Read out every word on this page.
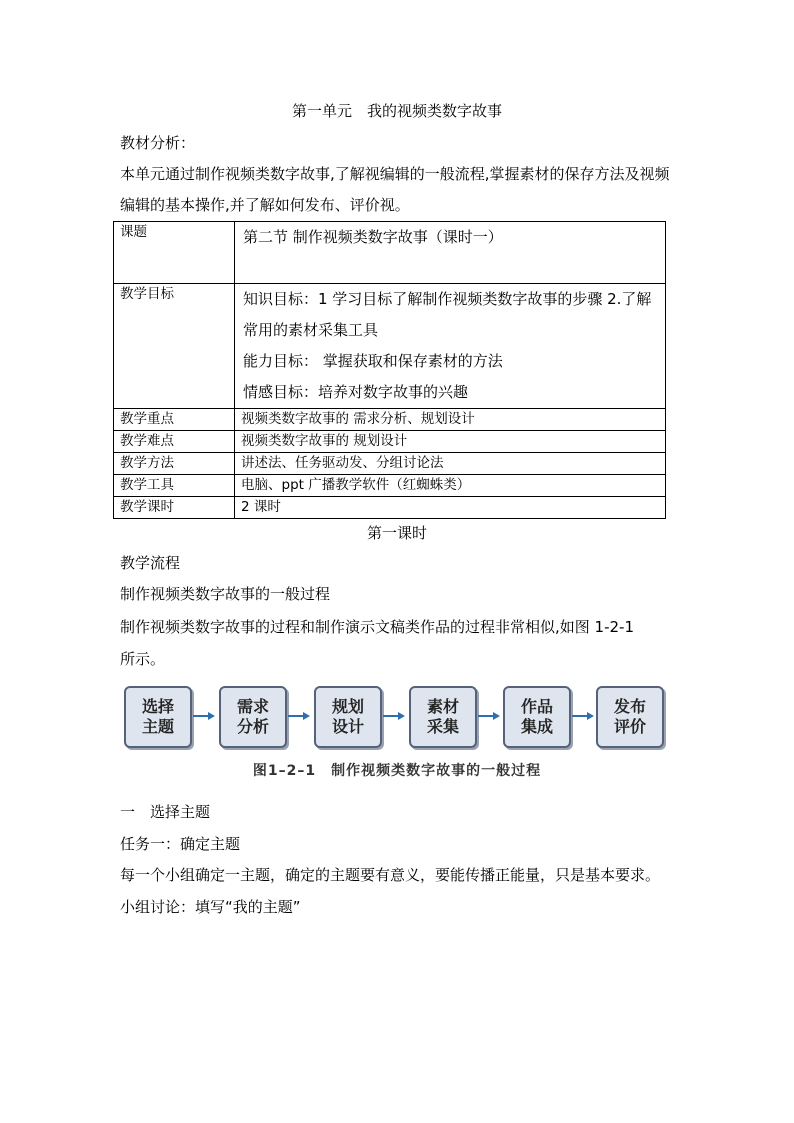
第一单元　我的视频类数字故事
教材分析：
本单元通过制作视频类数字故事,了解视编辑的一般流程,掌握素材的保存方法及视频编辑的基本操作,并了解如何发布、评价视。
课题	第二节 制作视频类数字故事（课时一）

教学目标	知识目标：1 学习目标了解制作视频类数字故事的步骤 2.了解常用的素材采集工具
能力目标： 掌握获取和保存素材的方法
情感目标：培养对数字故事的兴趣

教学重点	视频类数字故事的 需求分析、规划设计
教学难点	视频类数字故事的 规划设计
教学方法	讲述法、任务驱动发、分组讨论法
教学工具	电脑、ppt 广播教学软件（红蜘蛛类）
教学课时	2 课时
第一课时
教学流程
制作视频类数字故事的一般过程
制作视频类数字故事的过程和制作演示文稿类作品的过程非常相似,如图 1-2-1
所示。
选择主题
需求分析
规划设计
素材采集
作品集成
发布评价
图1–2–1　制作视频类数字故事的一般过程
一　选择主题
任务一：确定主题
每一个小组确定一主题，确定的主题要有意义，要能传播正能量，只是基本要求。
小组讨论：填写“我的主题”
